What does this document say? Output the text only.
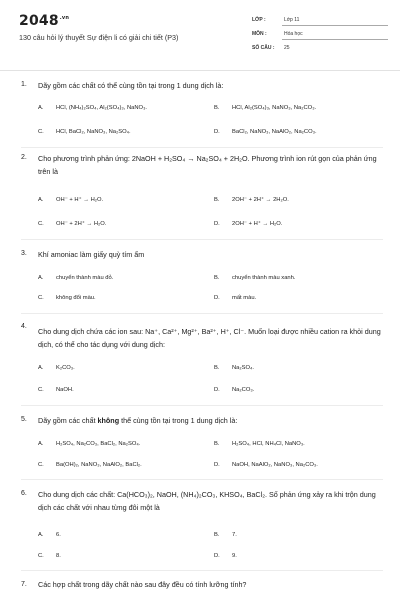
$2048^{.vn}$
130 câu hỏi lý thuyết Sự điện li có giải chi tiết (P3)
LỚP :	Lớp 11
MÔN :	Hóa học
SỐ CÂU : 25
1. Dãy gồm các chất có thể cùng tồn tại trong 1 dung dịch là:
A. HCl, (NH₄)₂SO₄, Al₂(SO₄)₃, NaNO₃.	B. HCl, Al₂(SO₄)₃, NaNO₃, Na₂CO₃.
C. HCl, BaCl₂, NaNO₃, Na₂SO₄.	D. BaCl₂, NaNO₃, NaAlO₂, Na₂CO₃.
2. Cho phương trình phản ứng: 2NaOH + H₂SO₄ → Na₂SO₄ + 2H₂O. Phương trình ion rút gọn của phản ứng trên là
A. OH⁻ + H⁺ → H₂O.	B. 2OH⁻ + 2H⁺ → 2H₂O.
C. OH⁻ + 2H⁺ → H₂O.	D. 2OH⁻ + H⁺ → H₂O.
3. Khí amoniac làm giấy quỳ tím ẩm
A. chuyển thành màu đỏ.	B. chuyển thành màu xanh.
C. không đổi màu.	D. mất màu.
4.
Cho dung dịch chứa các ion sau: Na⁺, Ca²⁺, Mg²⁺, Ba²⁺, H⁺, Cl⁻. Muốn loại được nhiều cation ra khỏi dung dịch, có thể cho tác dụng với dung dịch:
A. K₂CO₃.	B. Na₂SO₄.
C. NaOH.	D. Na₂CO₃.
5. Dãy gồm các chất không thể cùng tồn tại trong 1 dung dịch là:
A. H₂SO₄, Na₂CO₃, BaCl₂, Na₂SO₄.	B. H₂SO₄, HCl, NH₄Cl, NaNO₃.
C. Ba(OH)₂, NaNO₃, NaAlO₂, BaCl₂.	D. NaOH, NaAlO₂, NaNO₃, Na₂CO₃.
6. Cho dung dịch các chất: Ca(HCO₃)₂, NaOH, (NH₄)₂CO₃, KHSO₄, BaCl₂. Số phản ứng xảy ra khi trộn dung dịch các chất với nhau từng đôi một là
A. 6.	B. 7.
C. 8.	D. 9.
7. Các hợp chất trong dãy chất nào sau đây đều có tính lưỡng tính?
